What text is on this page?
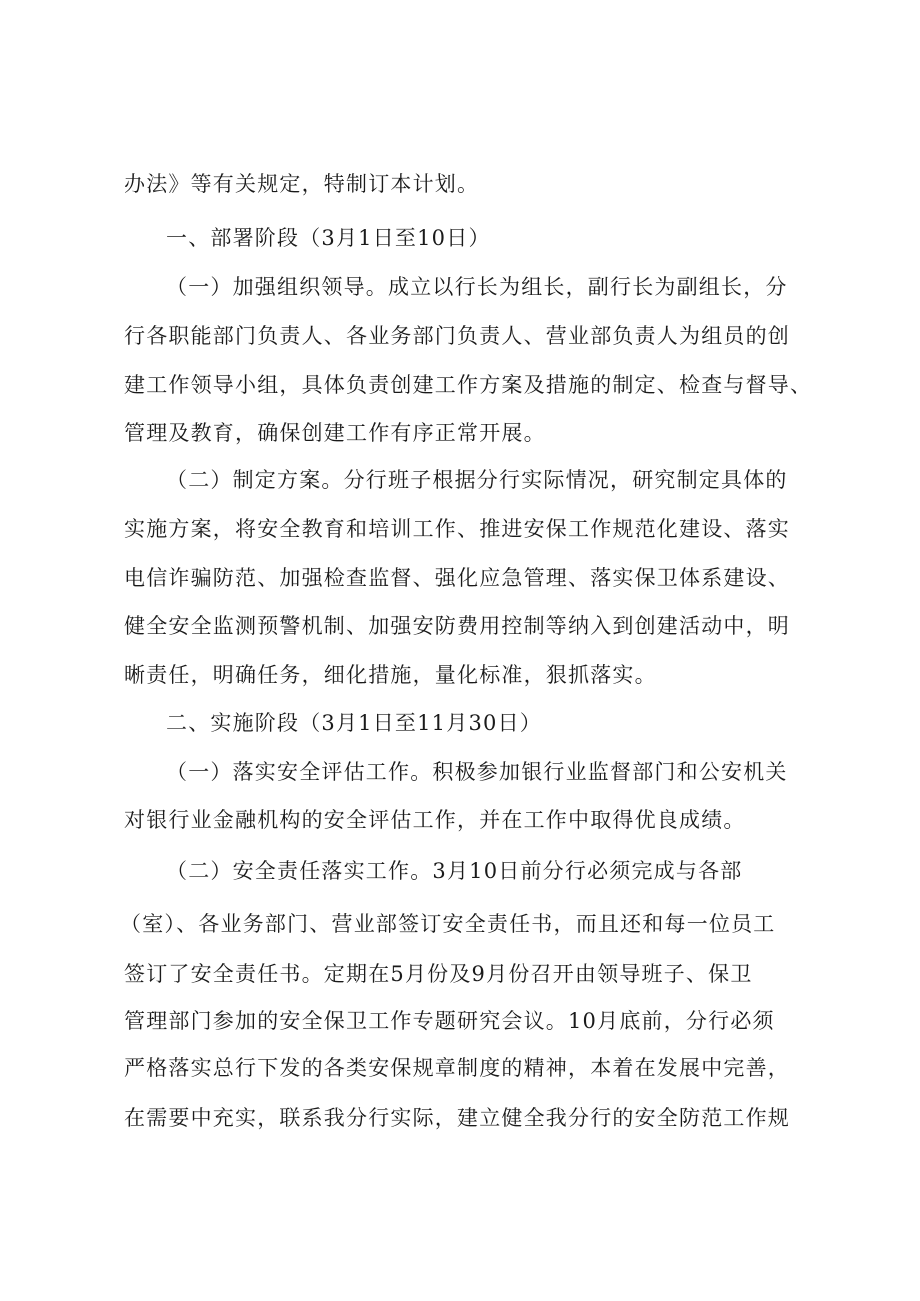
办法》等有关规定，特制订本计划。
一、部署阶段（3月1日至10日）
（一）加强组织领导。成立以行长为组长，副行长为副组长，分
行各职能部门负责人、各业务部门负责人、营业部负责人为组员的创
建工作领导小组，具体负责创建工作方案及措施的制定、检查与督导、
管理及教育，确保创建工作有序正常开展。
（二）制定方案。分行班子根据分行实际情况，研究制定具体的
实施方案，将安全教育和培训工作、推进安保工作规范化建设、落实
电信诈骗防范、加强检查监督、强化应急管理、落实保卫体系建设、
健全安全监测预警机制、加强安防费用控制等纳入到创建活动中，明
晰责任，明确任务，细化措施，量化标准，狠抓落实。
二、实施阶段（3月1日至11月30日）
（一）落实安全评估工作。积极参加银行业监督部门和公安机关
对银行业金融机构的安全评估工作，并在工作中取得优良成绩。
（二）安全责任落实工作。3月10日前分行必须完成与各部
（室）、各业务部门、营业部签订安全责任书，而且还和每一位员工
签订了安全责任书。定期在5月份及9月份召开由领导班子、保卫
管理部门参加的安全保卫工作专题研究会议。10月底前，分行必须
严格落实总行下发的各类安保规章制度的精神，本着在发展中完善，
在需要中充实，联系我分行实际，建立健全我分行的安全防范工作规
